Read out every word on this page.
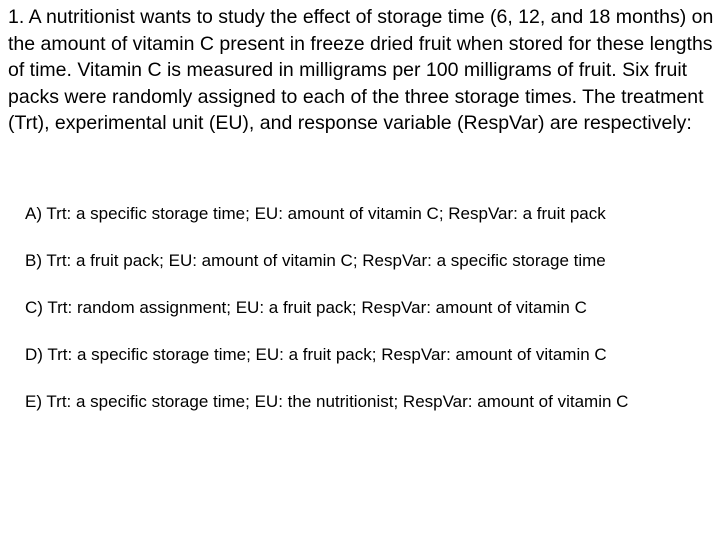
1. A nutritionist wants to study the effect of storage time (6, 12, and 18 months) on the amount of vitamin C present in freeze dried fruit when stored for these lengths of time. Vitamin C is measured in milligrams per 100 milligrams of fruit. Six fruit packs were randomly assigned to each of the three storage times. The treatment (Trt), experimental unit (EU), and response variable (RespVar) are respectively:

A) Trt: a specific storage time; EU: amount of vitamin C; RespVar: a fruit pack
B) Trt: a fruit pack; EU: amount of vitamin C; RespVar: a specific storage time
C) Trt: random assignment; EU: a fruit pack; RespVar: amount of vitamin C
D) Trt: a specific storage time; EU: a fruit pack; RespVar: amount of vitamin C
E) Trt: a specific storage time; EU: the nutritionist; RespVar: amount of vitamin C
